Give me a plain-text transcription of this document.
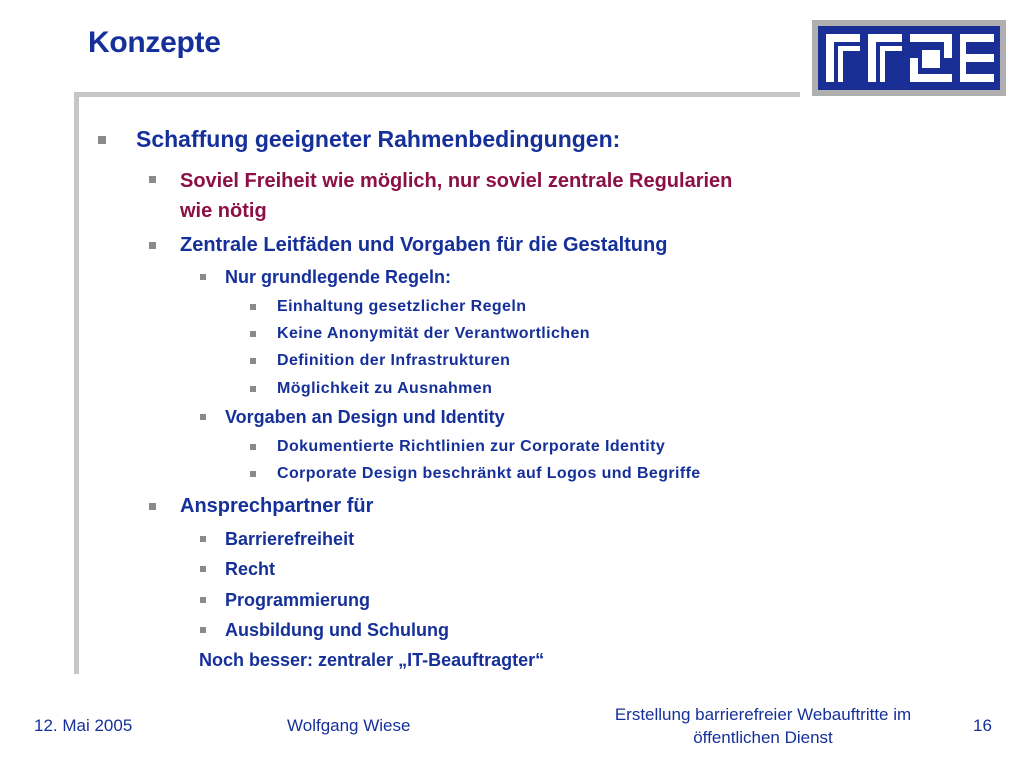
Konzepte
Schaffung geeigneter Rahmenbedingungen:
Soviel Freiheit wie möglich, nur soviel zentrale Regularien
wie nötig
Zentrale Leitfäden und Vorgaben für die Gestaltung
Nur grundlegende Regeln:
Einhaltung gesetzlicher Regeln
Keine Anonymität der Verantwortlichen
Definition der Infrastrukturen
Möglichkeit zu Ausnahmen
Vorgaben an Design und Identity
Dokumentierte Richtlinien zur Corporate Identity
Corporate Design beschränkt auf Logos und Begriffe
Ansprechpartner für
Barrierefreiheit
Recht
Programmierung
Ausbildung und Schulung
Noch besser: zentraler „IT-Beauftragter“
12. Mai 2005	Wolfgang Wiese
Erstellung barrierefreier Webauftritte im
öffentlichen Dienst
16
